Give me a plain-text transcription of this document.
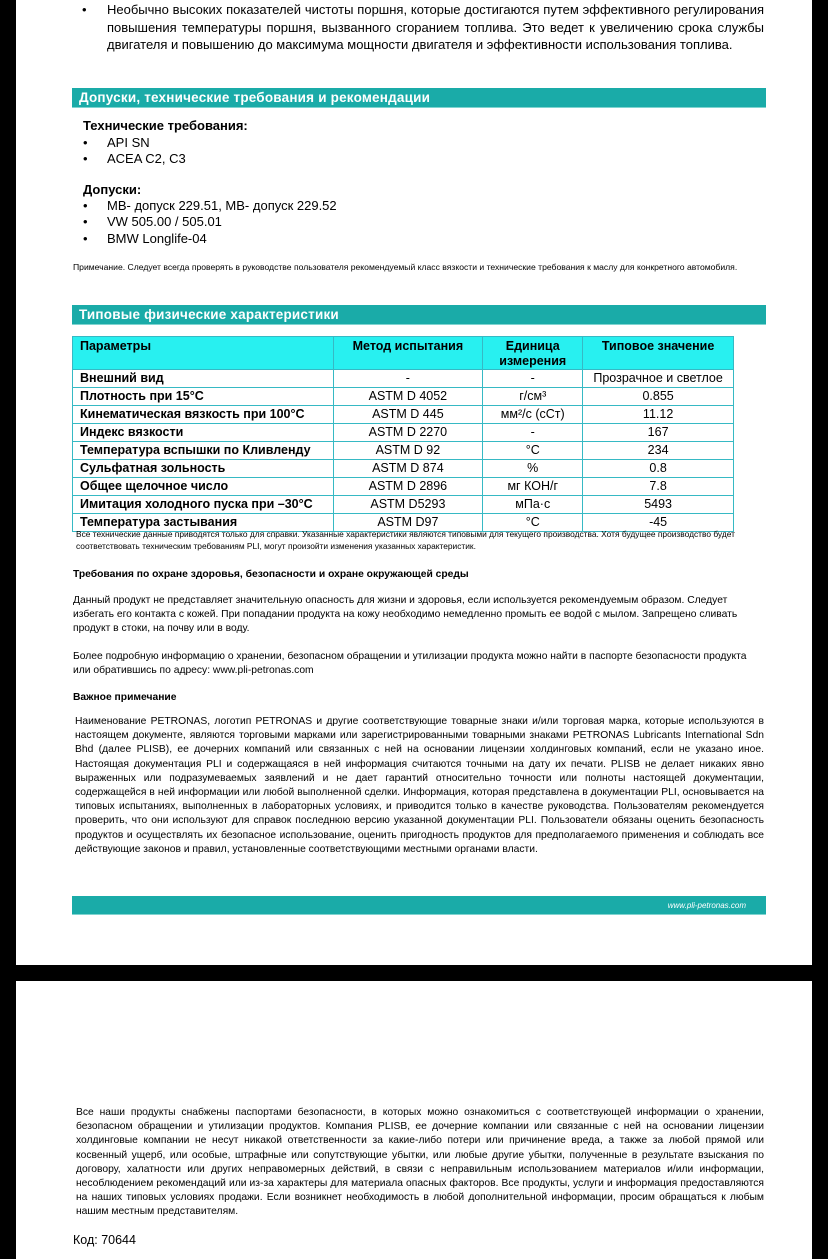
• Необычно высоких показателей чистоты поршня, которые достигаются путем эффективного регулирования повышения температуры поршня, вызванного сгоранием топлива. Это ведет к увеличению срока службы двигателя и повышению до максимума мощности двигателя и эффективности использования топлива.
Допуски, технические требования и рекомендации
Технические требования:
• API SN
• ACEA C2, C3
Допуски:
• MB- допуск 229.51, MB- допуск 229.52
• VW 505.00 / 505.01
• BMW Longlife-04
Примечание. Следует всегда проверять в руководстве пользователя рекомендуемый класс вязкости и технические требования к маслу для конкретного автомобиля.
Типовые физические характеристики
Параметры	Метод испытания	Единица измерения	Типовое значение
Внешний вид	-	-	Прозрачное и светлое
Плотность при 15°C	ASTM D 4052	г/см³	0.855
Кинематическая вязкость при 100°C	ASTM D 445	мм²/с (сСт)	11.12
Индекс вязкости	ASTM D 2270	-	167
Температура вспышки по Кливленду	ASTM D 92	°C	234
Сульфатная зольность	ASTM D 874	%	0.8
Общее щелочное число	ASTM D 2896	мг КОН/г	7.8
Имитация холодного пуска при –30°C	ASTM D5293	мПа·с	5493
Температура застывания	ASTM D97	°C	-45
Все технические данные приводятся только для справки. Указанные характеристики являются типовыми для текущего производства. Хотя будущее производство будет соответствовать техническим требованиям PLI, могут произойти изменения указанных характеристик.
Требования по охране здоровья, безопасности и охране окружающей среды
Данный продукт не представляет значительную опасность для жизни и здоровья, если используется рекомендуемым образом. Следует избегать его контакта с кожей. При попадании продукта на кожу необходимо немедленно промыть ее водой с мылом. Запрещено сливать продукт в стоки, на почву или в воду.
Более подробную информацию о хранении, безопасном обращении и утилизации продукта можно найти в паспорте безопасности продукта или обратившись по адресу: www.pli-petronas.com
Важное примечание
Наименование PETRONAS, логотип PETRONAS и другие соответствующие товарные знаки и/или торговая марка, которые используются в настоящем документе, являются торговыми марками или зарегистрированными товарными знаками PETRONAS Lubricants International Sdn Bhd (далее PLISB), ее дочерних компаний или связанных с ней на основании лицензии холдинговых компаний, если не указано иное. Настоящая документация PLI и содержащаяся в ней информация считаются точными на дату их печати. PLISB не делает никаких явно выраженных или подразумеваемых заявлений и не дает гарантий относительно точности или полноты настоящей документации, содержащейся в ней информации или любой выполненной сделки. Информация, которая представлена в документации PLI, основывается на типовых испытаниях, выполненных в лабораторных условиях, и приводится только в качестве руководства. Пользователям рекомендуется проверить, что они используют для справок последнюю версию указанной документации PLI. Пользователи обязаны оценить безопасность продуктов и осуществлять их безопасное использование, оценить пригодность продуктов для предполагаемого применения и соблюдать все действующие законов и правил, установленные соответствующими местными органами власти.
www.pli-petronas.com
Все наши продукты снабжены паспортами безопасности, в которых можно ознакомиться с соответствующей информации о хранении, безопасном обращении и утилизации продуктов. Компания PLISB, ее дочерние компании или связанные с ней на основании лицензии холдинговые компании не несут никакой ответственности за какие-либо потери или причинение вреда, а также за любой прямой или косвенный ущерб, или особые, штрафные или сопутствующие убытки, или любые другие убытки, полученные в результате взыскания по договору, халатности или других неправомерных действий, в связи с неправильным использованием материалов и/или информации, несоблюдением рекомендаций или из-за характеры для материала опасных факторов. Все продукты, услуги и информация предоставляются на наших типовых условиях продажи. Если возникнет необходимость в любой дополнительной информации, просим обращаться к любым нашим местным представителям.
Код: 70644
